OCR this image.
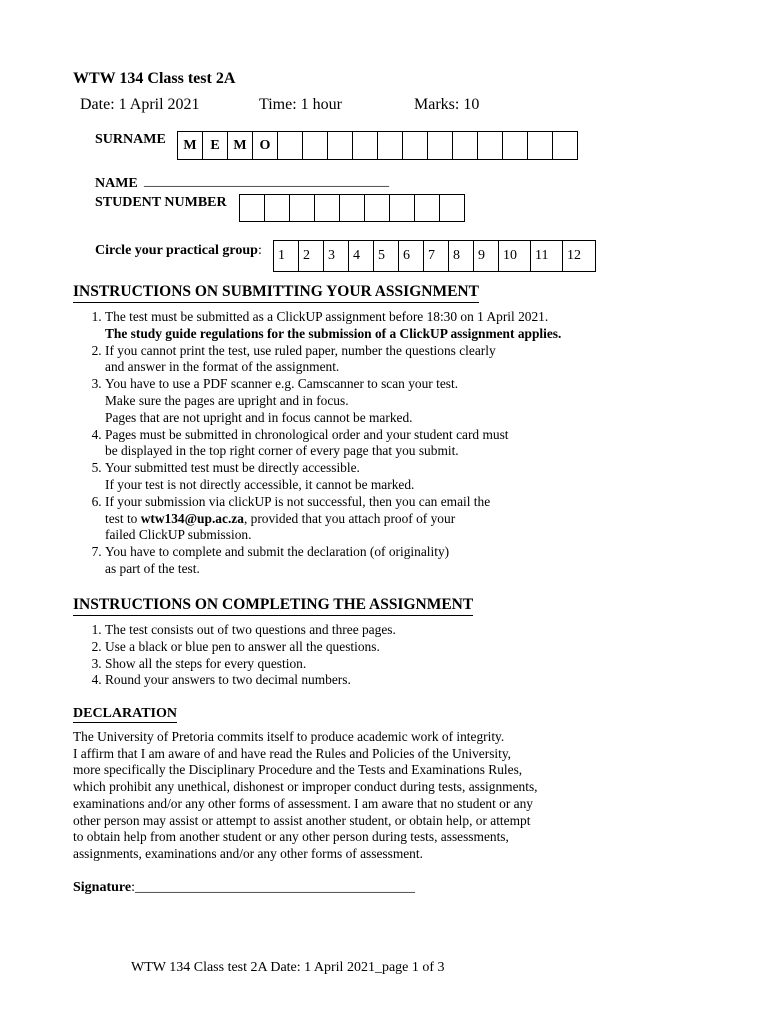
WTW 134 Class test 2A
Date: 1 April 2021	Time: 1 hour	Marks: 10
SURNAME	M E M O
NAME ___________________________________
STUDENT NUMBER
Circle your practical group:	1	2	3	4	5	6	7	8	9	10	11	12
INSTRUCTIONS ON SUBMITTING YOUR ASSIGNMENT
1. The test must be submitted as a ClickUP assignment before 18:30 on 1 April 2021.
The study guide regulations for the submission of a ClickUP assignment applies.
2. If you cannot print the test, use ruled paper, number the questions clearly
and answer in the format of the assignment.
3. You have to use a PDF scanner e.g. Camscanner to scan your test.
Make sure the pages are upright and in focus.
Pages that are not upright and in focus cannot be marked.
4. Pages must be submitted in chronological order and your student card must
be displayed in the top right corner of every page that you submit.
5. Your submitted test must be directly accessible.
If your test is not directly accessible, it cannot be marked.
6. If your submission via clickUP is not successful, then you can email the
test to wtw134@up.ac.za, provided that you attach proof of your
failed ClickUP submission.
7. You have to complete and submit the declaration (of originality)
as part of the test.
INSTRUCTIONS ON COMPLETING THE ASSIGNMENT
1. The test consists out of two questions and three pages.
2. Use a black or blue pen to answer all the questions.
3. Show all the steps for every question.
4. Round your answers to two decimal numbers.
DECLARATION
The University of Pretoria commits itself to produce academic work of integrity.
I affirm that I am aware of and have read the Rules and Policies of the University,
more specifically the Disciplinary Procedure and the Tests and Examinations Rules,
which prohibit any unethical, dishonest or improper conduct during tests, assignments,
examinations and/or any other forms of assessment. I am aware that no student or any
other person may assist or attempt to assist another student, or obtain help, or attempt
to obtain help from another student or any other person during tests, assessments,
assignments, examinations and/or any other forms of assessment.
Signature:________________________________________
WTW 134 Class test 2A Date: 1 April 2021_page 1 of 3
